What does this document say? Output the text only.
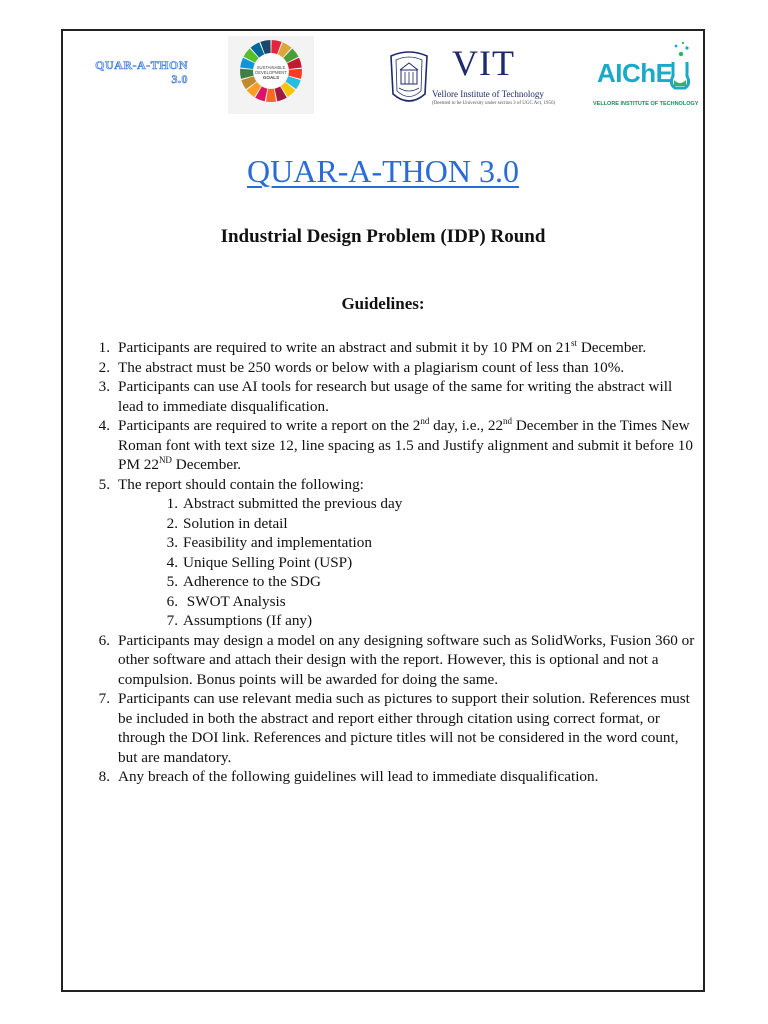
QUAR-A-THON
3.0
SUSTAINABLE
DEVELOPMENT
GOALS	VIT
Vellore Institute of Technology
(Deemed to be University under section 3 of UGC Act, 1956)
AIChE
VELLORE INSTITUTE OF TECHNOLOGY
QUAR-A-THON 3.0
Industrial Design Problem (IDP) Round
Guidelines:
1 . Participants are required to write an abstract and submit it by 10 PM on 21st December.
2 . The abstract must be 250 words or below with a plagiarism count of less than 10%.
3 . Participants can use AI tools for research but usage of the same for writing the abstract will lead to immediate disqualification.
4 . Participants are required to write a report on the 2nd day, i.e., 22nd December in the Times New Roman font with text size 12, line spacing as 1.5 and Justify alignment and submit it before 10 PM 22ND December.
5 . The report should contain the following:
1 . Abstract submitted the previous day
2 . Solution in detail
3 . Feasibility and implementation
4 . Unique Selling Point (USP)
5 . Adherence to the SDG
6 . SWOT Analysis
7 . Assumptions (If any)
6 . Participants may design a model on any designing software such as SolidWorks, Fusion 360 or other software and attach their design with the report. However, this is optional and not a compulsion. Bonus points will be awarded for doing the same.
7 . Participants can use relevant media such as pictures to support their solution. References must be included in both the abstract and report either through citation using correct format, or through the DOI link. References and picture titles will not be considered in the word count, but are mandatory.
8 . Any breach of the following guidelines will lead to immediate disqualification.
